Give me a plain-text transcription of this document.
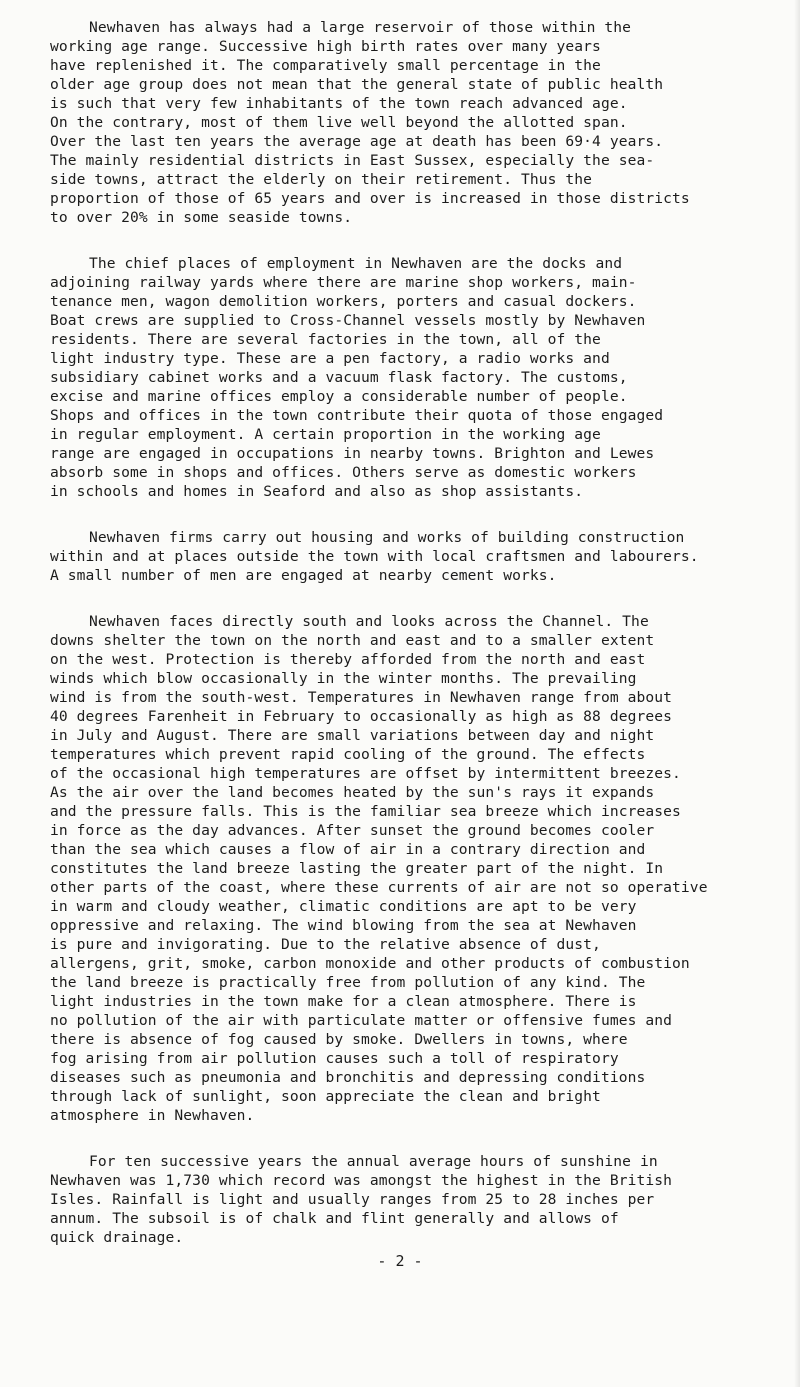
Newhaven has always had a large reservoir of those within the
working age range. Successive high birth rates over many years
have replenished it. The comparatively small percentage in the
older age group does not mean that the general state of public health
is such that very few inhabitants of the town reach advanced age.
On the contrary, most of them live well beyond the allotted span.
Over the last ten years the average age at death has been 69·4 years.
The mainly residential districts in East Sussex, especially the sea-
side towns, attract the elderly on their retirement. Thus the
proportion of those of 65 years and over is increased in those districts
to over 20% in some seaside towns.
The chief places of employment in Newhaven are the docks and
adjoining railway yards where there are marine shop workers, main-
tenance men, wagon demolition workers, porters and casual dockers.
Boat crews are supplied to Cross-Channel vessels mostly by Newhaven
residents. There are several factories in the town, all of the
light industry type. These are a pen factory, a radio works and
subsidiary cabinet works and a vacuum flask factory. The customs,
excise and marine offices employ a considerable number of people.
Shops and offices in the town contribute their quota of those engaged
in regular employment. A certain proportion in the working age
range are engaged in occupations in nearby towns. Brighton and Lewes
absorb some in shops and offices. Others serve as domestic workers
in schools and homes in Seaford and also as shop assistants.
Newhaven firms carry out housing and works of building construction
within and at places outside the town with local craftsmen and labourers.
A small number of men are engaged at nearby cement works.
Newhaven faces directly south and looks across the Channel. The
downs shelter the town on the north and east and to a smaller extent
on the west. Protection is thereby afforded from the north and east
winds which blow occasionally in the winter months. The prevailing
wind is from the south-west. Temperatures in Newhaven range from about
40 degrees Farenheit in February to occasionally as high as 88 degrees
in July and August. There are small variations between day and night
temperatures which prevent rapid cooling of the ground. The effects
of the occasional high temperatures are offset by intermittent breezes.
As the air over the land becomes heated by the sun's rays it expands
and the pressure falls. This is the familiar sea breeze which increases
in force as the day advances. After sunset the ground becomes cooler
than the sea which causes a flow of air in a contrary direction and
constitutes the land breeze lasting the greater part of the night. In
other parts of the coast, where these currents of air are not so operative
in warm and cloudy weather, climatic conditions are apt to be very
oppressive and relaxing. The wind blowing from the sea at Newhaven
is pure and invigorating. Due to the relative absence of dust,
allergens, grit, smoke, carbon monoxide and other products of combustion
the land breeze is practically free from pollution of any kind. The
light industries in the town make for a clean atmosphere. There is
no pollution of the air with particulate matter or offensive fumes and
there is absence of fog caused by smoke. Dwellers in towns, where
fog arising from air pollution causes such a toll of respiratory
diseases such as pneumonia and bronchitis and depressing conditions
through lack of sunlight, soon appreciate the clean and bright
atmosphere in Newhaven.
For ten successive years the annual average hours of sunshine in
Newhaven was 1,730 which record was amongst the highest in the British
Isles. Rainfall is light and usually ranges from 25 to 28 inches per
annum. The subsoil is of chalk and flint generally and allows of
quick drainage.
- 2 -
